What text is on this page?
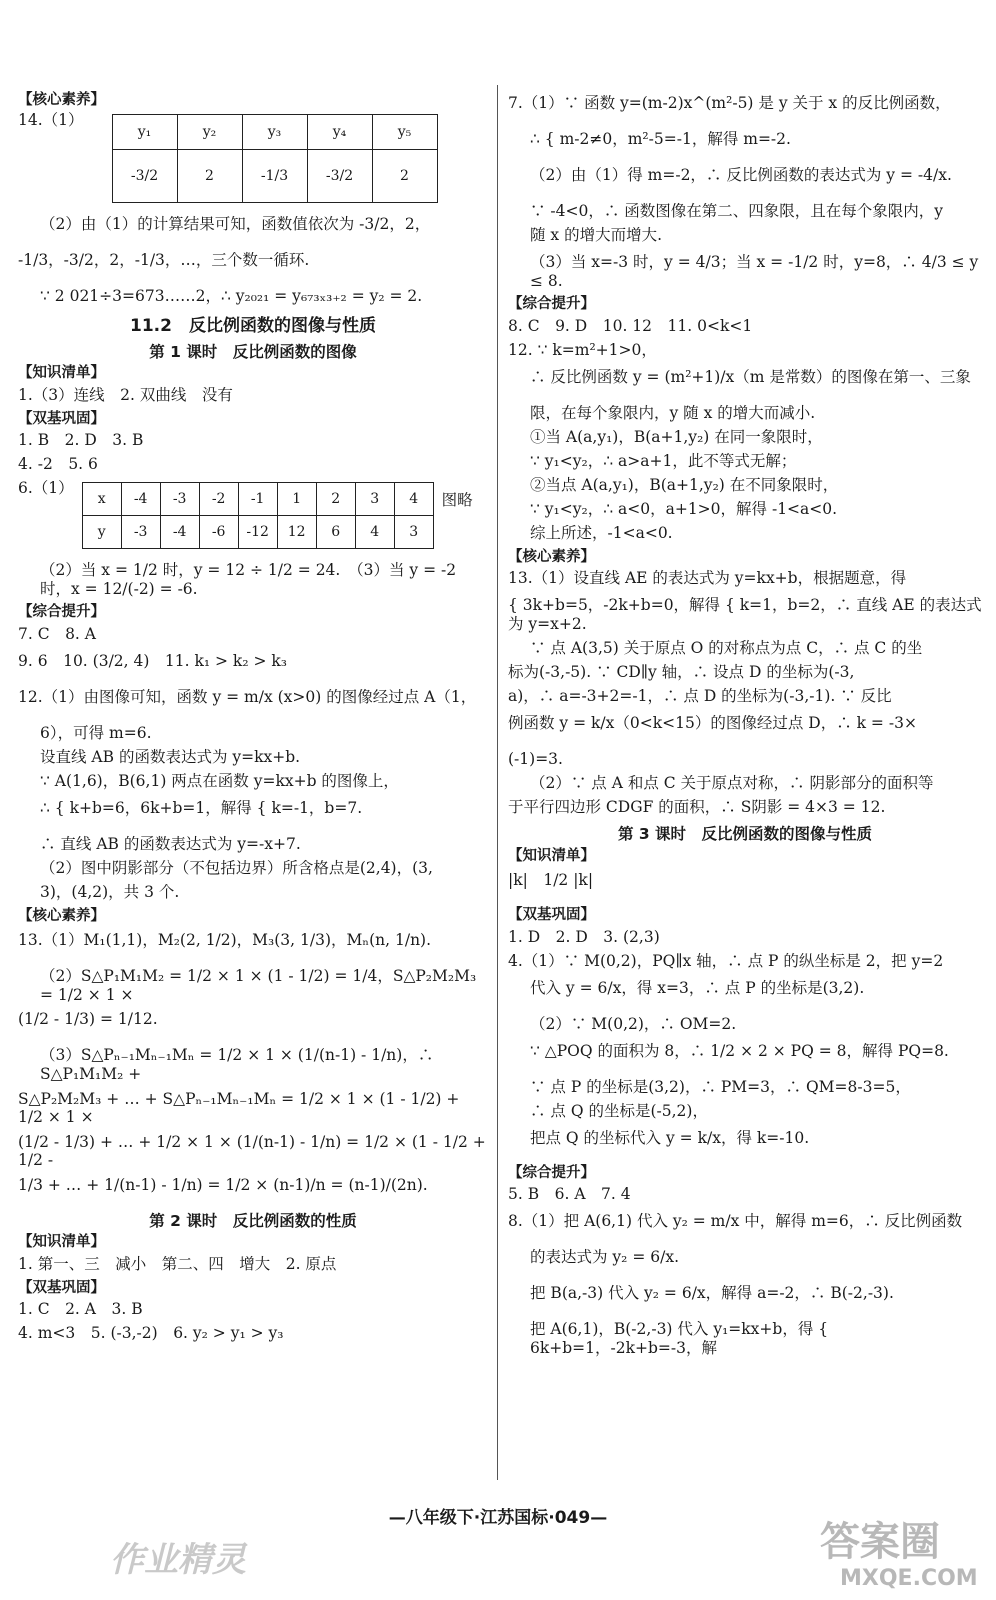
【核心素养】
14.（1）
y₁	y₂	y₃	y₄	y₅
-3/2	2	-1/3	-3/2	2
（2）由（1）的计算结果可知，函数值依次为 -3/2，2，
-1/3，-3/2，2，-1/3，…，三个数一循环.
∵ 2 021÷3=673……2，∴ y₂₀₂₁ = y₆₇₃ₓ₃₊₂ = y₂ = 2.
11.2　反比例函数的图像与性质
第 1 课时　反比例函数的图像
【知识清单】
1.（3）连线　2. 双曲线　没有
【双基巩固】
1. B　2. D　3. B
4. -2　5. 6
6.（1）
x	-4	-3	-2	-1	1	2	3	4
y	-3	-4	-6	-12	12	6	4	3
图略
（2）当 x = 1/2 时，y = 12 ÷ 1/2 = 24.　（3）当 y = -2 时，x = 12/(-2) = -6.
【综合提升】
7. C　8. A
9. 6　10. (3/2, 4)　11. k₁ > k₂ > k₃
12.（1）由图像可知，函数 y = m/x (x>0) 的图像经过点 A（1，
6），可得 m=6.
设直线 AB 的函数表达式为 y=kx+b.
∵ A(1,6)，B(6,1) 两点在函数 y=kx+b 的图像上，
∴ { k+b=6，6k+b=1，解得 { k=-1，b=7.
∴ 直线 AB 的函数表达式为 y=-x+7.
（2）图中阴影部分（不包括边界）所含格点是(2,4)，(3,
3)，(4,2)，共 3 个.
【核心素养】
13.（1）M₁(1,1)，M₂(2, 1/2)，M₃(3, 1/3)，Mₙ(n, 1/n).
（2）S△P₁M₁M₂ = 1/2 × 1 × (1 - 1/2) = 1/4，S△P₂M₂M₃ = 1/2 × 1 ×
(1/2 - 1/3) = 1/12.
（3）S△Pₙ₋₁Mₙ₋₁Mₙ = 1/2 × 1 × (1/(n-1) - 1/n)，∴ S△P₁M₁M₂ +
S△P₂M₂M₃ + … + S△Pₙ₋₁Mₙ₋₁Mₙ = 1/2 × 1 × (1 - 1/2) + 1/2 × 1 ×
(1/2 - 1/3) + … + 1/2 × 1 × (1/(n-1) - 1/n) = 1/2 × (1 - 1/2 + 1/2 -
1/3 + … + 1/(n-1) - 1/n) = 1/2 × (n-1)/n = (n-1)/(2n).
第 2 课时　反比例函数的性质
【知识清单】
1. 第一、三　减小　第二、四　增大　2. 原点
【双基巩固】
1. C　2. A　3. B
4. m<3　5. (-3,-2)　6. y₂ > y₁ > y₃
7.（1）∵ 函数 y=(m-2)x^(m²-5) 是 y 关于 x 的反比例函数，
∴ { m-2≠0，m²-5=-1，解得 m=-2.
（2）由（1）得 m=-2，∴ 反比例函数的表达式为 y = -4/x.
∵ -4<0，∴ 函数图像在第二、四象限，且在每个象限内，y
随 x 的增大而增大.
（3）当 x=-3 时，y = 4/3；当 x = -1/2 时，y=8，∴ 4/3 ≤ y ≤ 8.
【综合提升】
8. C　9. D　10. 12　11. 0<k<1
12. ∵ k=m²+1>0，
∴ 反比例函数 y = (m²+1)/x（m 是常数）的图像在第一、三象
限，在每个象限内，y 随 x 的增大而减小.
①当 A(a,y₁)，B(a+1,y₂) 在同一象限时，
∵ y₁<y₂，∴ a>a+1，此不等式无解；
②当点 A(a,y₁)，B(a+1,y₂) 在不同象限时，
∵ y₁<y₂，∴ a<0，a+1>0，解得 -1<a<0.
综上所述，-1<a<0.
【核心素养】
13.（1）设直线 AE 的表达式为 y=kx+b，根据题意，得
{ 3k+b=5，-2k+b=0，解得 { k=1，b=2，∴ 直线 AE 的表达式为 y=x+2.
∵ 点 A(3,5) 关于原点 O 的对称点为点 C，∴ 点 C 的坐
标为(-3,-5). ∵ CD∥y 轴，∴ 设点 D 的坐标为(-3,
a)，∴ a=-3+2=-1，∴ 点 D 的坐标为(-3,-1). ∵ 反比
例函数 y = k/x（0<k<15）的图像经过点 D，∴ k = -3×
(-1)=3.
（2）∵ 点 A 和点 C 关于原点对称，∴ 阴影部分的面积等
于平行四边形 CDGF 的面积，∴ S阴影 = 4×3 = 12.
第 3 课时　反比例函数的图像与性质
【知识清单】
|k|　1/2 |k|
【双基巩固】
1. D　2. D　3. (2,3)
4.（1）∵ M(0,2)，PQ∥x 轴，∴ 点 P 的纵坐标是 2，把 y=2
代入 y = 6/x，得 x=3，∴ 点 P 的坐标是(3,2).
（2）∵ M(0,2)，∴ OM=2.
∵ △POQ 的面积为 8，∴ 1/2 × 2 × PQ = 8，解得 PQ=8.
∵ 点 P 的坐标是(3,2)，∴ PM=3，∴ QM=8-3=5，
∴ 点 Q 的坐标是(-5,2)，
把点 Q 的坐标代入 y = k/x，得 k=-10.
【综合提升】
5. B　6. A　7. 4
8.（1）把 A(6,1) 代入 y₂ = m/x 中，解得 m=6，∴ 反比例函数
的表达式为 y₂ = 6/x.
把 B(a,-3) 代入 y₂ = 6/x，解得 a=-2，∴ B(-2,-3).
把 A(6,1)，B(-2,-3) 代入 y₁=kx+b，得 { 6k+b=1，-2k+b=-3，解
—八年级下·江苏国标·049—
作业精灵	答案圈
MXQE.COM
